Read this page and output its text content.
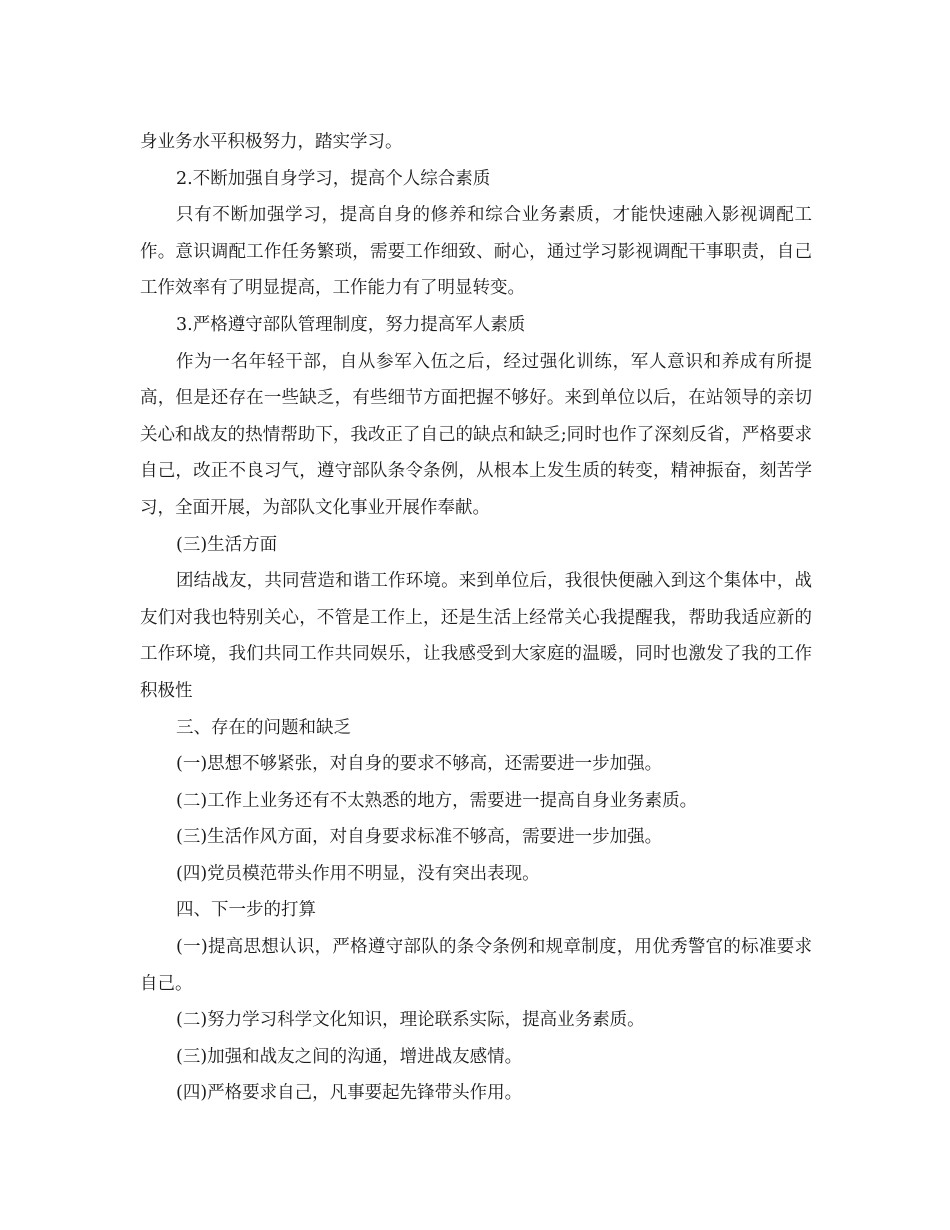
身业务水平积极努力，踏实学习。

2.不断加强自身学习，提高个人综合素质

只有不断加强学习，提高自身的修养和综合业务素质，才能快速融入影视调配工作。意识调配工作任务繁琐，需要工作细致、耐心，通过学习影视调配干事职责，自己工作效率有了明显提高，工作能力有了明显转变。

3.严格遵守部队管理制度，努力提高军人素质

作为一名年轻干部，自从参军入伍之后，经过强化训练，军人意识和养成有所提高，但是还存在一些缺乏，有些细节方面把握不够好。来到单位以后，在站领导的亲切关心和战友的热情帮助下，我改正了自己的缺点和缺乏;同时也作了深刻反省，严格要求自己，改正不良习气，遵守部队条令条例，从根本上发生质的转变，精神振奋，刻苦学习，全面开展，为部队文化事业开展作奉献。

(三)生活方面

团结战友，共同营造和谐工作环境。来到单位后，我很快便融入到这个集体中，战友们对我也特别关心，不管是工作上，还是生活上经常关心我提醒我，帮助我适应新的工作环境，我们共同工作共同娱乐，让我感受到大家庭的温暖，同时也激发了我的工作积极性

三、存在的问题和缺乏

(一)思想不够紧张，对自身的要求不够高，还需要进一步加强。

(二)工作上业务还有不太熟悉的地方，需要进一提高自身业务素质。

(三)生活作风方面，对自身要求标准不够高，需要进一步加强。

(四)党员模范带头作用不明显，没有突出表现。

四、下一步的打算

(一)提高思想认识，严格遵守部队的条令条例和规章制度，用优秀警官的标准要求自己。

(二)努力学习科学文化知识，理论联系实际，提高业务素质。

(三)加强和战友之间的沟通，增进战友感情。

(四)严格要求自己，凡事要起先锋带头作用。
